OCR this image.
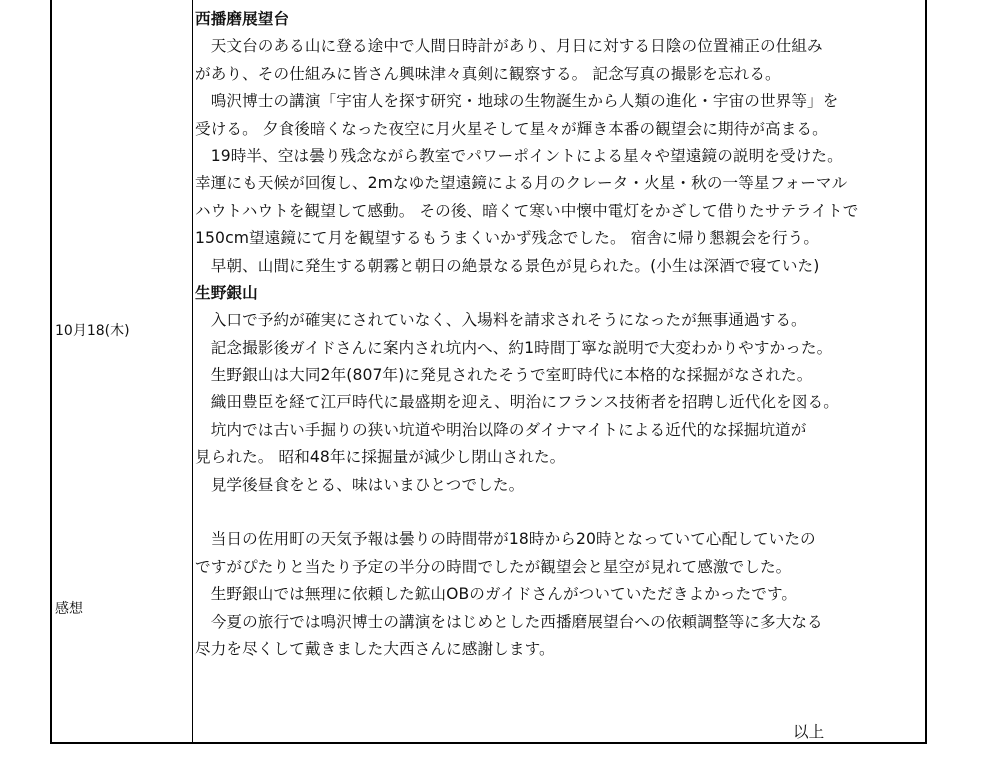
10月18(木)
感想
西播磨展望台
　天文台のある山に登る途中で人間日時計があり、月日に対する日陰の位置補正の仕組み
があり、その仕組みに皆さん興味津々真剣に観察する。 記念写真の撮影を忘れる。
　鳴沢博士の講演「宇宙人を探す研究・地球の生物誕生から人類の進化・宇宙の世界等」を
受ける。 夕食後暗くなった夜空に月火星そして星々が輝き本番の観望会に期待が高まる。
　19時半、空は曇り残念ながら教室でパワーポイントによる星々や望遠鏡の説明を受けた。
幸運にも天候が回復し、2mなゆた望遠鏡による月のクレータ・火星・秋の一等星フォーマル
ハウトハウトを観望して感動。 その後、暗くて寒い中懐中電灯をかざして借りたサテライトで
150cm望遠鏡にて月を観望するもうまくいかず残念でした。 宿舎に帰り懇親会を行う。
　早朝、山間に発生する朝霧と朝日の絶景なる景色が見られた。(小生は深酒で寝ていた)
生野銀山
　入口で予約が確実にされていなく、入場料を請求されそうになったが無事通過する。
　記念撮影後ガイドさんに案内され坑内へ、約1時間丁寧な説明で大変わかりやすかった。
　生野銀山は大同2年(807年)に発見されたそうで室町時代に本格的な採掘がなされた。
　織田豊臣を経て江戸時代に最盛期を迎え、明治にフランス技術者を招聘し近代化を図る。
　坑内では古い手掘りの狭い坑道や明治以降のダイナマイトによる近代的な採掘坑道が
見られた。 昭和48年に採掘量が減少し閉山された。
　見学後昼食をとる、味はいまひとつでした。
　当日の佐用町の天気予報は曇りの時間帯が18時から20時となっていて心配していたの
ですがぴたりと当たり予定の半分の時間でしたが観望会と星空が見れて感激でした。
　生野銀山では無理に依頼した鉱山OBのガイドさんがついていただきよかったです。
　今夏の旅行では鳴沢博士の講演をはじめとした西播磨展望台への依頼調整等に多大なる
尽力を尽くして戴きました大西さんに感謝します。
以上
